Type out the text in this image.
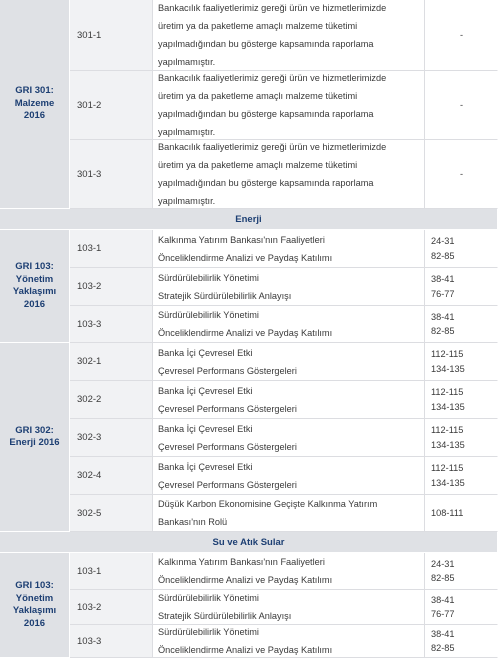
GRI 301:
Malzeme
2016
301-1
Bankacılık faaliyetlerimiz gereği ürün ve hizmetlerimizde
üretim ya da paketleme amaçlı malzeme tüketimi
yapılmadığından bu gösterge kapsamında raporlama
yapılmamıştır.
-
301-2
Bankacılık faaliyetlerimiz gereği ürün ve hizmetlerimizde
üretim ya da paketleme amaçlı malzeme tüketimi
yapılmadığından bu gösterge kapsamında raporlama
yapılmamıştır.
-
301-3
Bankacılık faaliyetlerimiz gereği ürün ve hizmetlerimizde
üretim ya da paketleme amaçlı malzeme tüketimi
yapılmadığından bu gösterge kapsamında raporlama
yapılmamıştır.
-
Enerji
GRI 103:
Yönetim
Yaklaşımı
2016
103-1
Kalkınma Yatırım Bankası'nın Faaliyetleri
Önceliklendirme Analizi ve Paydaş Katılımı
24-31
82-85
103-2
Sürdürülebilirlik Yönetimi
Stratejik Sürdürülebilirlik Anlayışı
38-41
76-77
103-3
Sürdürülebilirlik Yönetimi
Önceliklendirme Analizi ve Paydaş Katılımı
38-41
82-85
GRI 302:
Enerji 2016
302-1
Banka İçi Çevresel Etki
Çevresel Performans Göstergeleri
112-115
134-135
302-2
Banka İçi Çevresel Etki
Çevresel Performans Göstergeleri
112-115
134-135
302-3
Banka İçi Çevresel Etki
Çevresel Performans Göstergeleri
112-115
134-135
302-4
Banka İçi Çevresel Etki
Çevresel Performans Göstergeleri
112-115
134-135
302-5
Düşük Karbon Ekonomisine Geçişte Kalkınma Yatırım
Bankası'nın Rolü
108-111
Su ve Atık Sular
GRI 103:
Yönetim
Yaklaşımı
2016
103-1
Kalkınma Yatırım Bankası'nın Faaliyetleri
Önceliklendirme Analizi ve Paydaş Katılımı
24-31
82-85
103-2
Sürdürülebilirlik Yönetimi
Stratejik Sürdürülebilirlik Anlayışı
38-41
76-77
103-3
Sürdürülebilirlik Yönetimi
Önceliklendirme Analizi ve Paydaş Katılımı
38-41
82-85
